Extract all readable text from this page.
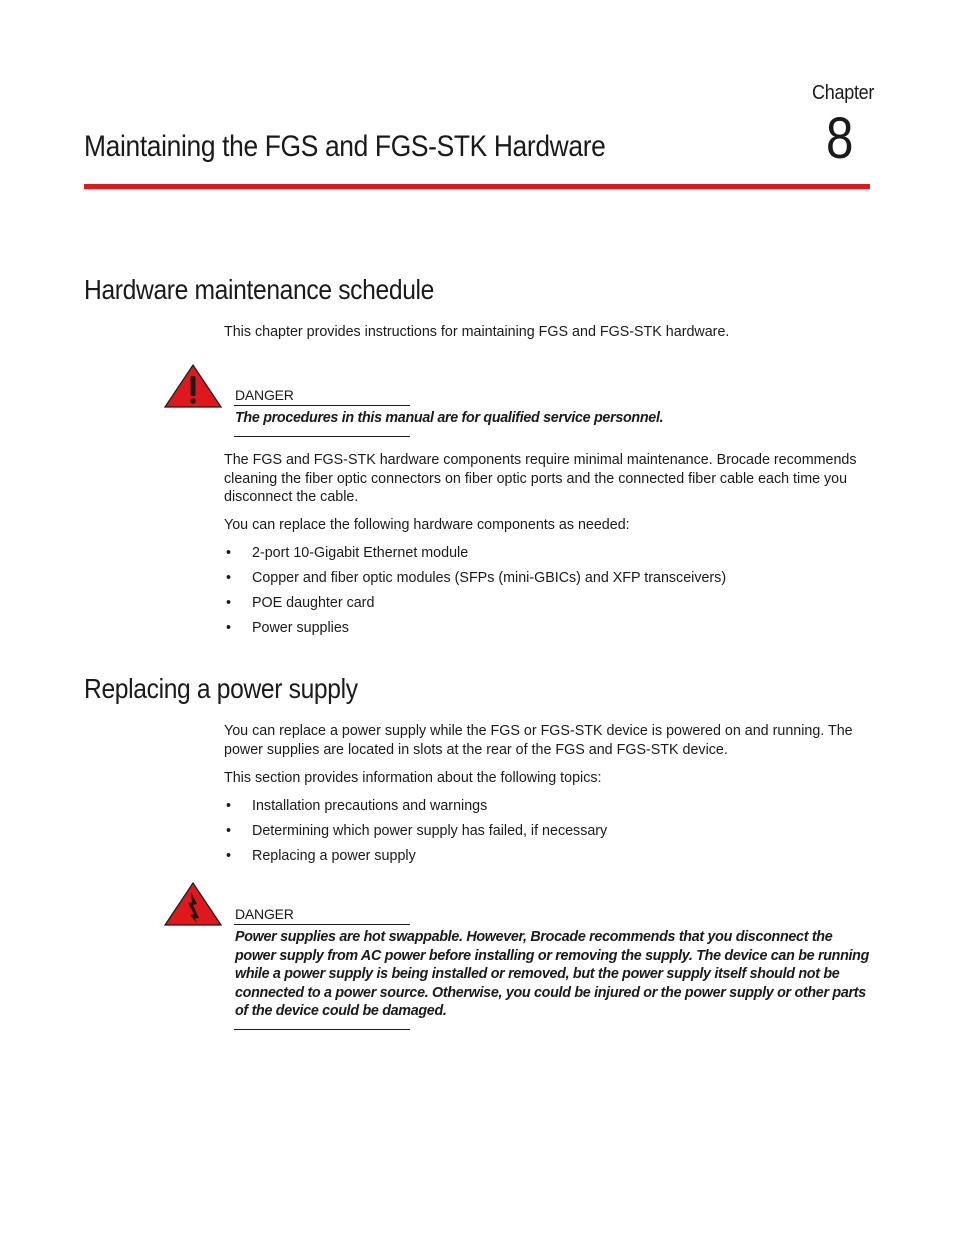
Chapter
8
Maintaining the FGS and FGS-STK Hardware
Hardware maintenance schedule

This chapter provides instructions for maintaining FGS and FGS-STK hardware.

DANGER

The procedures in this manual are for qualified service personnel.

The FGS and FGS-STK hardware components require minimal maintenance. Brocade recommends cleaning the fiber optic connectors on fiber optic ports and the connected fiber cable each time you disconnect the cable.

You can replace the following hardware components as needed:

• 2-port 10-Gigabit Ethernet module
• Copper and fiber optic modules (SFPs (mini-GBICs) and XFP transceivers)
• POE daughter card
• Power supplies
Replacing a power supply

You can replace a power supply while the FGS or FGS-STK device is powered on and running. The power supplies are located in slots at the rear of the FGS and FGS-STK device.

This section provides information about the following topics:

• Installation precautions and warnings
• Determining which power supply has failed, if necessary
• Replacing a power supply
DANGER

Power supplies are hot swappable. However, Brocade recommends that you disconnect the power supply from AC power before installing or removing the supply. The device can be running while a power supply is being installed or removed, but the power supply itself should not be connected to a power source. Otherwise, you could be injured or the power supply or other parts of the device could be damaged.
